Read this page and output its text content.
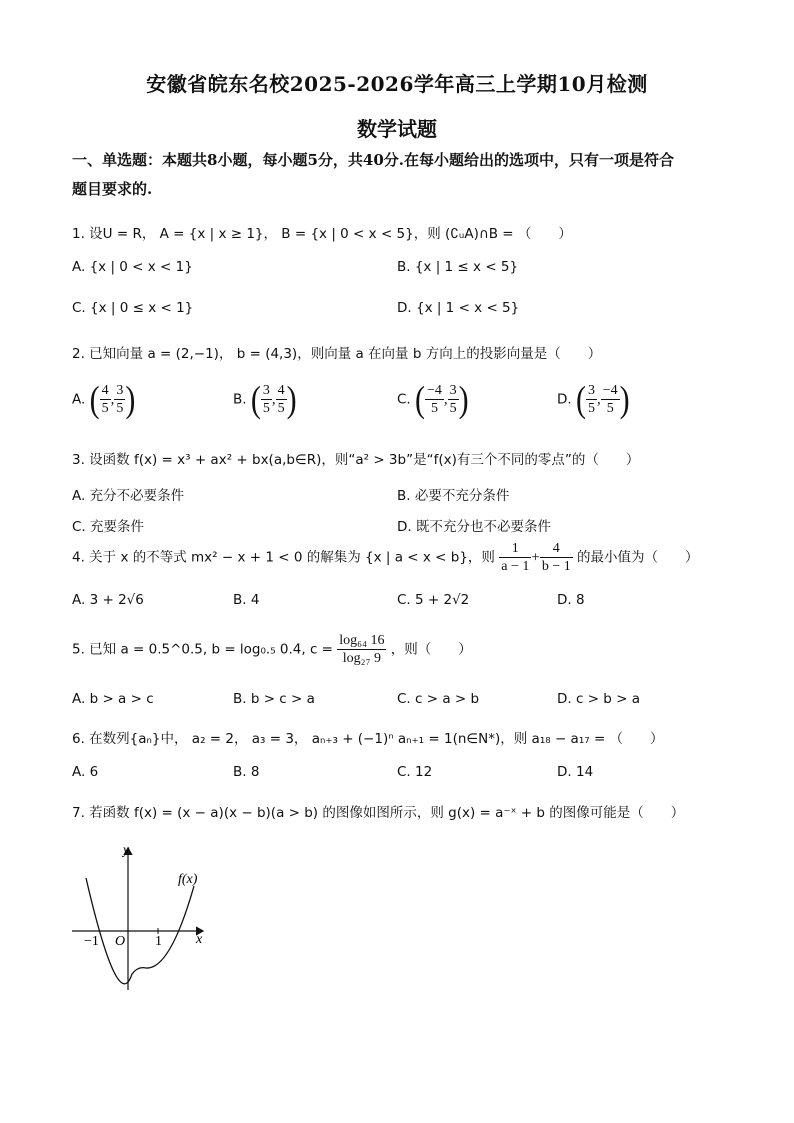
安徽省皖东名校2025-2026学年高三上学期10月检测
数学试题
一、单选题：本题共8小题，每小题5分，共40分.在每小题给出的选项中，只有一项是符合
题目要求的.
1. 设U = R， A = {x | x ≥ 1}， B = {x | 0 < x < 5}，则 (∁ᵤA)∩B = （　　）
A. {x | 0 < x < 1}	B. {x | 1 ≤ x < 5}
C. {x | 0 ≤ x < 1}	D. {x | 1 < x < 5}
2. 已知向量 a = (2,−1)， b = (4,3)，则向量 a 在向量 b 方向上的投影向量是（　　）
A. ( $\frac{4}{5}$ , $\frac{3}{5}$ )	B. ( $\frac{3}{5}$ , $\frac{4}{5}$ )	C. ( $\frac{-4}{5}$ , $\frac{3}{5}$ )	D. ( $\frac{3}{5}$ , $\frac{-4}{5}$ )
3. 设函数 f(x) = x³ + ax² + bx(a,b∈R)，则“a² > 3b”是“f(x)有三个不同的零点”的（　　）
A. 充分不必要条件	B. 必要不充分条件
C. 充要条件	D. 既不充分也不必要条件
4. 关于 x 的不等式 mx² − x + 1 < 0 的解集为 {x | a < x < b}，则 $\frac{1}{a - 1} + \frac{4}{b - 1}$ 的最小值为（　　）
A. 3 + 2√6	B. 4	C. 5 + 2√2	D. 8
5. 已知 a = 0.5^0.5, b = log₀.₅ 0.4, $c = \frac{\text{log₆₄ 16}}{\text{log₂₇ 9}}$ ，则（　　）
A. b > a > c	B. b > c > a	C. c > a > b	D. c > b > a
6. 在数列{aₙ}中， a₂ = 2， a₃ = 3， aₙ₊₃ + (−1)ⁿ aₙ₊₁ = 1(n∈N*)，则 a₁₈ − a₁₇ = （　　）
A. 6	B. 8	C. 12	D. 14
7. 若函数 f(x) = (x − a)(x − b)(a > b) 的图像如图所示，则 g(x) = a⁻ˣ + b 的图像可能是（　　）
y
x
O
−1	1
f(x)
